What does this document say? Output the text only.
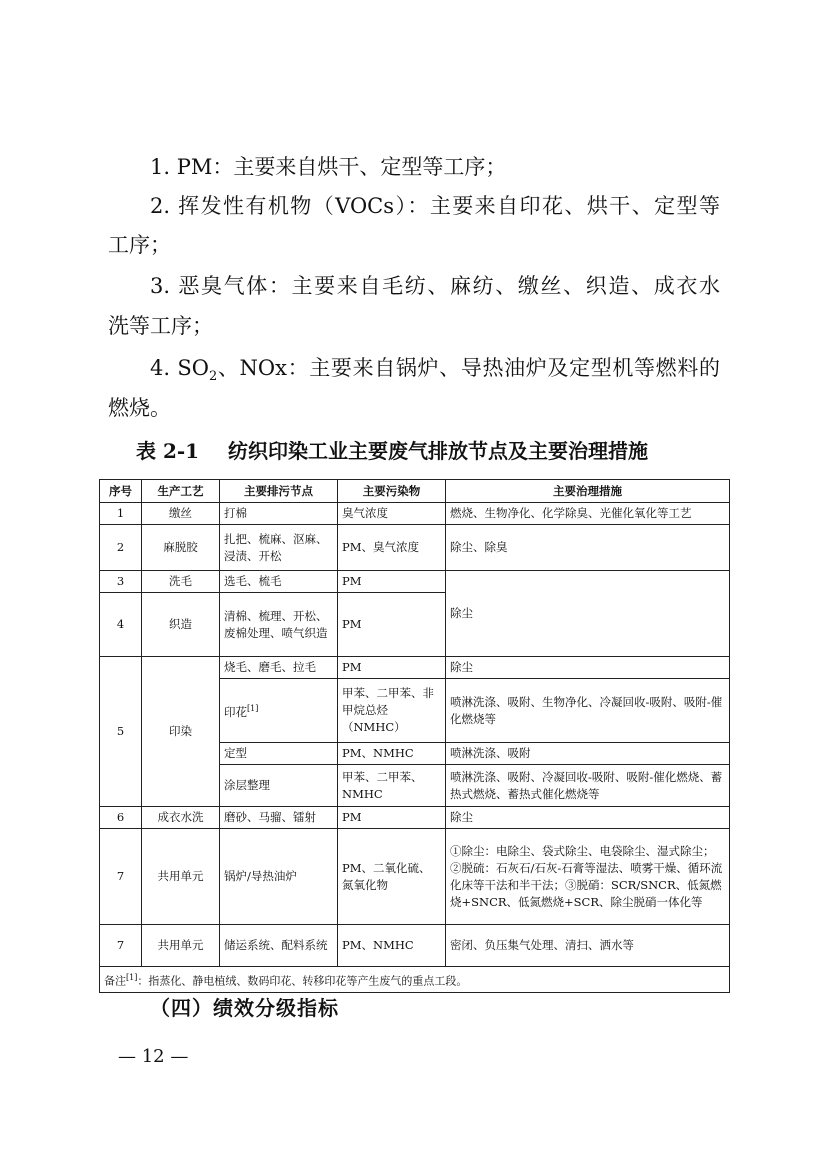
1. PM：主要来自烘干、定型等工序；

2. 挥发性有机物（VOCs）：主要来自印花、烘干、定型等

工序；

3. 恶臭气体：主要来自毛纺、麻纺、缴丝、织造、成衣水

洗等工序；

4. $SO_2$、NOx：主要来自锅炉、导热油炉及定型机等燃料的

燃烧。

表 2-1 纺织印染工业主要废气排放节点及主要治理措施
序号	生产工艺	主要排污节点	主要污染物	主要治理措施
1	缴丝	打棉	臭气浓度	燃烧、生物净化、化学除臭、光催化氧化等工艺
2	麻脱胶	扎把、梳麻、沤麻、浸渍、开松	PM、臭气浓度	除尘、除臭
3	洗毛	选毛、梳毛	PM	除尘
4	织造	清棉、梳理、开松、废棉处理、喷气织造	PM	
5	印染	烧毛、磨毛、拉毛	PM	除尘
		印花[1]	甲苯、二甲苯、非甲烷总烃（NMHC）	喷淋洗涤、吸附、生物净化、冷凝回收-吸附、吸附-催化燃烧等
		定型	PM、NMHC	喷淋洗涤、吸附
		涂层整理	甲苯、二甲苯、NMHC	喷淋洗涤、吸附、冷凝回收-吸附、吸附-催化燃烧、蓄热式燃烧、蓄热式催化燃烧等
6	成衣水洗	磨砂、马骝、镭射	PM	除尘
7	共用单元	锅炉/导热油炉	PM、二氧化硫、氮氧化物	①除尘：电除尘、袋式除尘、电袋除尘、湿式除尘；②脱硫：石灰石/石灰-石膏等湿法、喷雾干燥、循环流化床等干法和半干法；③脱硝：SCR/SNCR、低氮燃烧+SNCR、低氮燃烧+SCR、除尘脱硝一体化等
7	共用单元	储运系统、配料系统	PM、NMHC	密闭、负压集气处理、清扫、洒水等
备注[1]：指蒸化、静电植绒、数码印花、转移印花等产生废气的重点工段。				
（四）绩效分级指标
— 12 —
